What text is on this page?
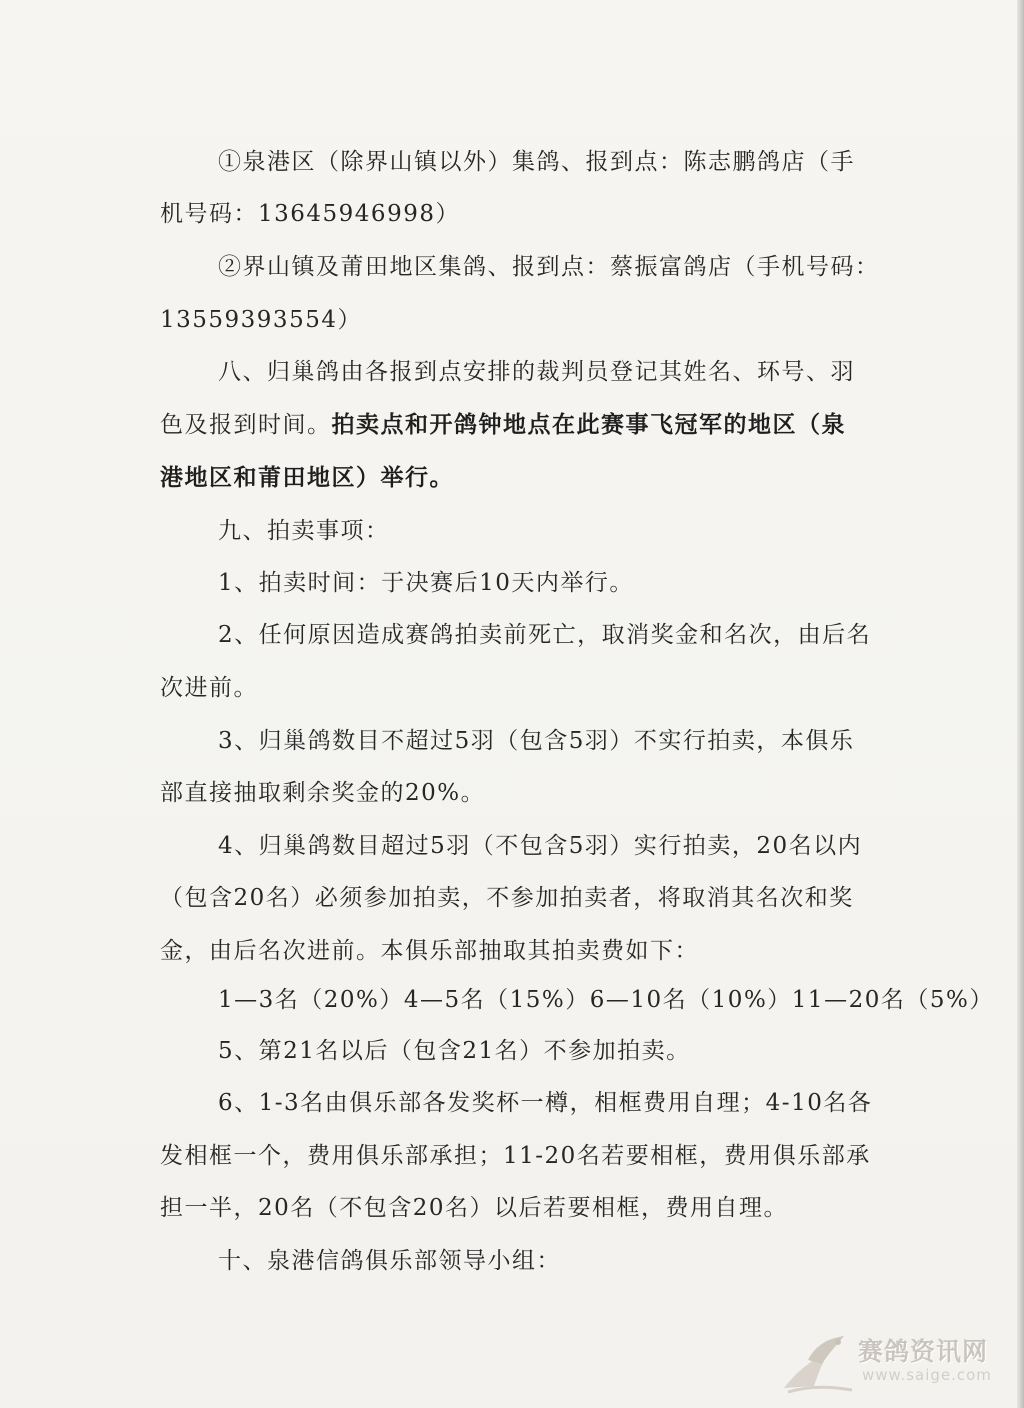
①泉港区（除界山镇以外）集鸽、报到点：陈志鹏鸽店（手
机号码：13645946998）
②界山镇及莆田地区集鸽、报到点：蔡振富鸽店（手机号码：
13559393554）
八、归巢鸽由各报到点安排的裁判员登记其姓名、环号、羽
色及报到时间。拍卖点和开鸽钟地点在此赛事飞冠军的地区（泉
港地区和莆田地区）举行。
九、拍卖事项：
1、拍卖时间：于决赛后10天内举行。
2、任何原因造成赛鸽拍卖前死亡，取消奖金和名次，由后名
次进前。
3、归巢鸽数目不超过5羽（包含5羽）不实行拍卖，本俱乐
部直接抽取剩余奖金的20%。
4、归巢鸽数目超过5羽（不包含5羽）实行拍卖，20名以内
（包含20名）必须参加拍卖，不参加拍卖者，将取消其名次和奖
金，由后名次进前。本俱乐部抽取其拍卖费如下：
1—3名（20%）4—5名（15%）6—10名（10%）11—20名（5%）
5、第21名以后（包含21名）不参加拍卖。
6、1-3名由俱乐部各发奖杯一樽，相框费用自理；4-10名各
发相框一个，费用俱乐部承担；11-20名若要相框，费用俱乐部承
担一半，20名（不包含20名）以后若要相框，费用自理。
十、泉港信鸽俱乐部领导小组：
赛鸽资讯网
www.saige.com
